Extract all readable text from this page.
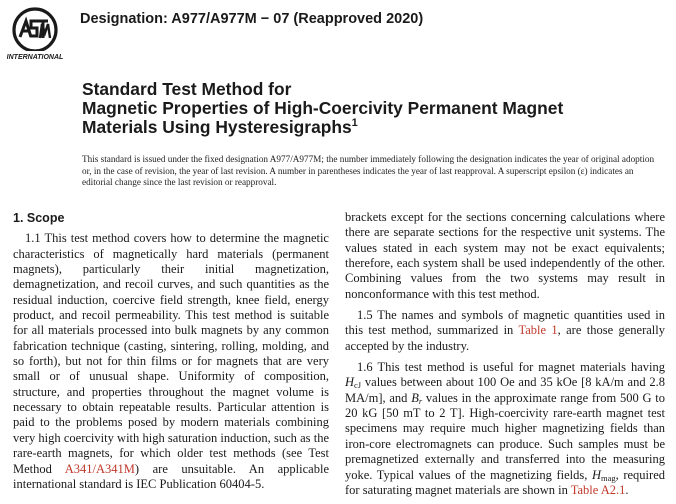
INTERNATIONAL
Designation: A977/A977M − 07 (Reapproved 2020)
Standard Test Method for
Magnetic Properties of High-Coercivity Permanent Magnet
Materials Using Hysteresigraphs$^1$
This standard is issued under the fixed designation A977/A977M; the number immediately following the designation indicates the year of original adoption or, in the case of revision, the year of last revision. A number in parentheses indicates the year of last reapproval. A superscript epsilon (ε) indicates an editorial change since the last revision or reapproval.
1. Scope

1.1 This test method covers how to determine the magnetic characteristics of magnetically hard materials (permanent magnets), particularly their initial magnetization, demagnetization, and recoil curves, and such quantities as the residual induction, coercive field strength, knee field, energy product, and recoil permeability. This test method is suitable for all materials processed into bulk magnets by any common fabrication technique (casting, sintering, rolling, molding, and so forth), but not for thin films or for magnets that are very small or of unusual shape. Uniformity of composition, structure, and properties throughout the magnet volume is necessary to obtain repeatable results. Particular attention is paid to the problems posed by modern materials combining very high coercivity with high saturation induction, such as the rare-earth magnets, for which older test methods (see Test Method A341/A341M) are unsuitable. An applicable international standard is IEC Publication 60404-5.

brackets except for the sections concerning calculations where there are separate sections for the respective unit systems. The values stated in each system may not be exact equivalents; therefore, each system shall be used independently of the other. Combining values from the two systems may result in nonconformance with this test method.

1.5 The names and symbols of magnetic quantities used in this test method, summarized in Table 1, are those generally accepted by the industry.

1.6 This test method is useful for magnet materials having $H_{cJ}$ values between about 100 Oe and 35 kOe [8 kA/m and 2.8 MA/m], and $B_r$ values in the approximate range from 500 G to 20 kG [50 mT to 2 T]. High-coercivity rare-earth magnet test specimens may require much higher magnetizing fields than iron-core electromagnets can produce. Such samples must be premagnetized externally and transferred into the measuring yoke. Typical values of the magnetizing fields, $H_{mag}$, required for saturating magnet materials are shown in Table A2.1.
